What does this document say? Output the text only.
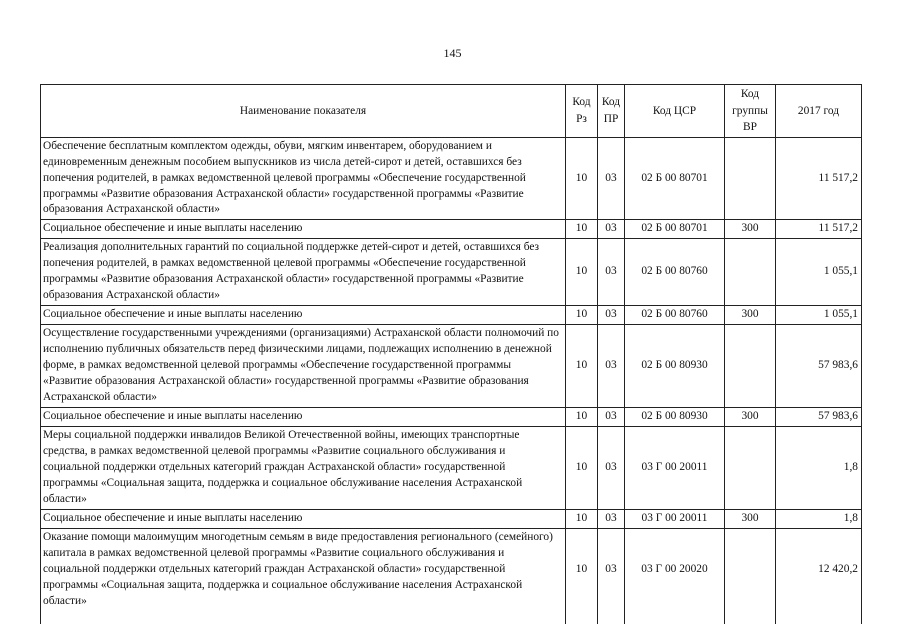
145
Наименование показателя	Код Рз	Код ПР	Код ЦСР	Код группы ВР	2017 год
Обеспечение бесплатным комплектом одежды, обуви, мягким инвентарем, оборудованием и единовременным денежным пособием выпускников из числа детей-сирот и детей, оставшихся без попечения родителей, в рамках ведомственной целевой программы «Обеспечение государственной программы «Развитие образования Астраханской области» государственной программы «Развитие образования Астраханской области»	10	03	02 Б 00 80701		11 517,2
Социальное обеспечение и иные выплаты населению	10	03	02 Б 00 80701	300	11 517,2
Реализация дополнительных гарантий по социальной поддержке детей-сирот и детей, оставшихся без попечения родителей, в рамках ведомственной целевой программы «Обеспечение государственной программы «Развитие образования Астраханской области» государственной программы «Развитие образования Астраханской области»	10	03	02 Б 00 80760		1 055,1
Социальное обеспечение и иные выплаты населению	10	03	02 Б 00 80760	300	1 055,1
Осуществление государственными учреждениями (организациями) Астраханской области полномочий по исполнению публичных обязательств перед физическими лицами, подлежащих исполнению в денежной форме, в рамках ведомственной целевой программы «Обеспечение государственной программы «Развитие образования Астраханской области» государственной программы «Развитие образования Астраханской области»	10	03	02 Б 00 80930		57 983,6
Социальное обеспечение и иные выплаты населению	10	03	02 Б 00 80930	300	57 983,6
Меры социальной поддержки инвалидов Великой Отечественной войны, имеющих транспортные средства, в рамках ведомственной целевой программы «Развитие социального обслуживания и социальной поддержки отдельных категорий граждан Астраханской области» государственной программы «Социальная защита, поддержка и социальное обслуживание населения Астраханской области»	10	03	03 Г 00 20011		1,8
Социальное обеспечение и иные выплаты населению	10	03	03 Г 00 20011	300	1,8
Оказание помощи малоимущим многодетным семьям в виде предоставления регионального (семейного) капитала в рамках ведомственной целевой программы «Развитие социального обслуживания и социальной поддержки отдельных категорий граждан Астраханской области» государственной программы «Социальная защита, поддержка и социальное обслуживание населения Астраханской области»	10	03	03 Г 00 20020		12 420,2
